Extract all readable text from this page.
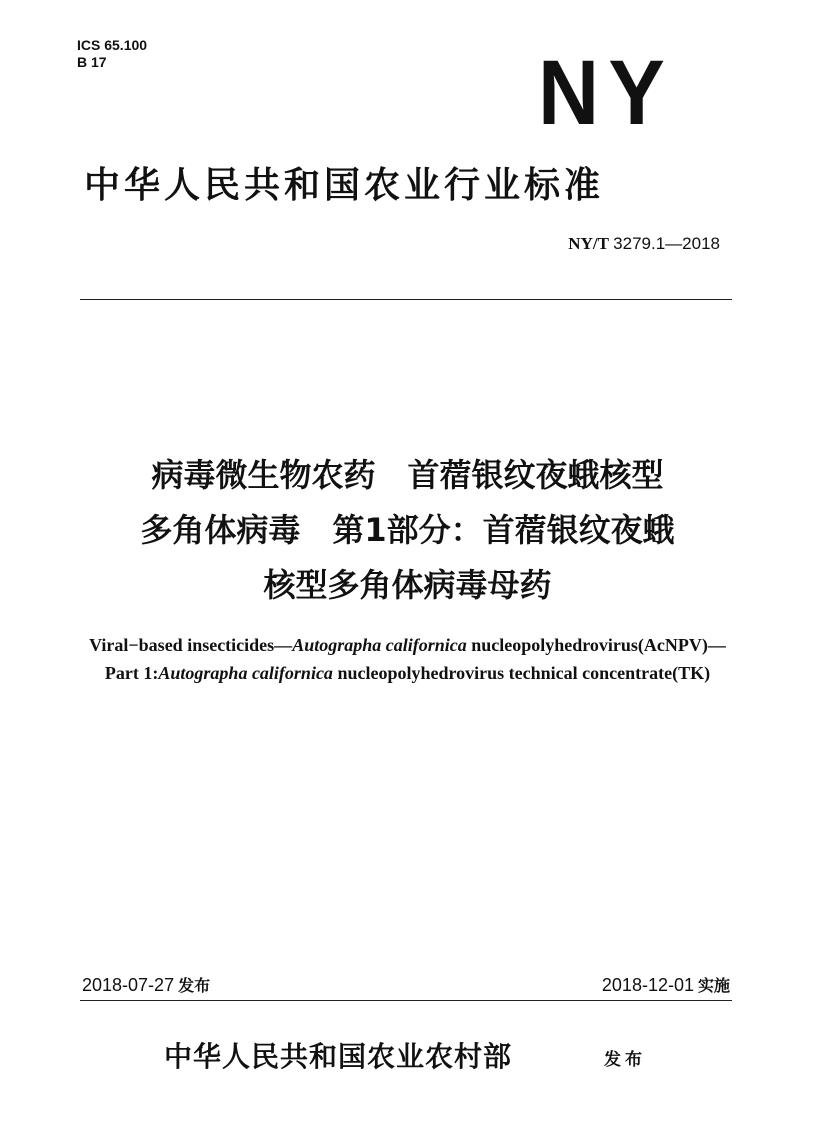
ICS 65.100
B 17	NY
中华人民共和国农业行业标准
NY/T 3279.1—2018
病毒微生物农药　首蓿银纹夜蛾核型
多角体病毒　第1部分：首蓿银纹夜蛾
核型多角体病毒母药
Viral−based insecticides—Autographa californica nucleopolyhedrovirus(AcNPV)—
Part 1:Autographa californica nucleopolyhedrovirus technical concentrate(TK)
2018-07-27 发布	2018-12-01 实施
中华人民共和国农业农村部	发布
